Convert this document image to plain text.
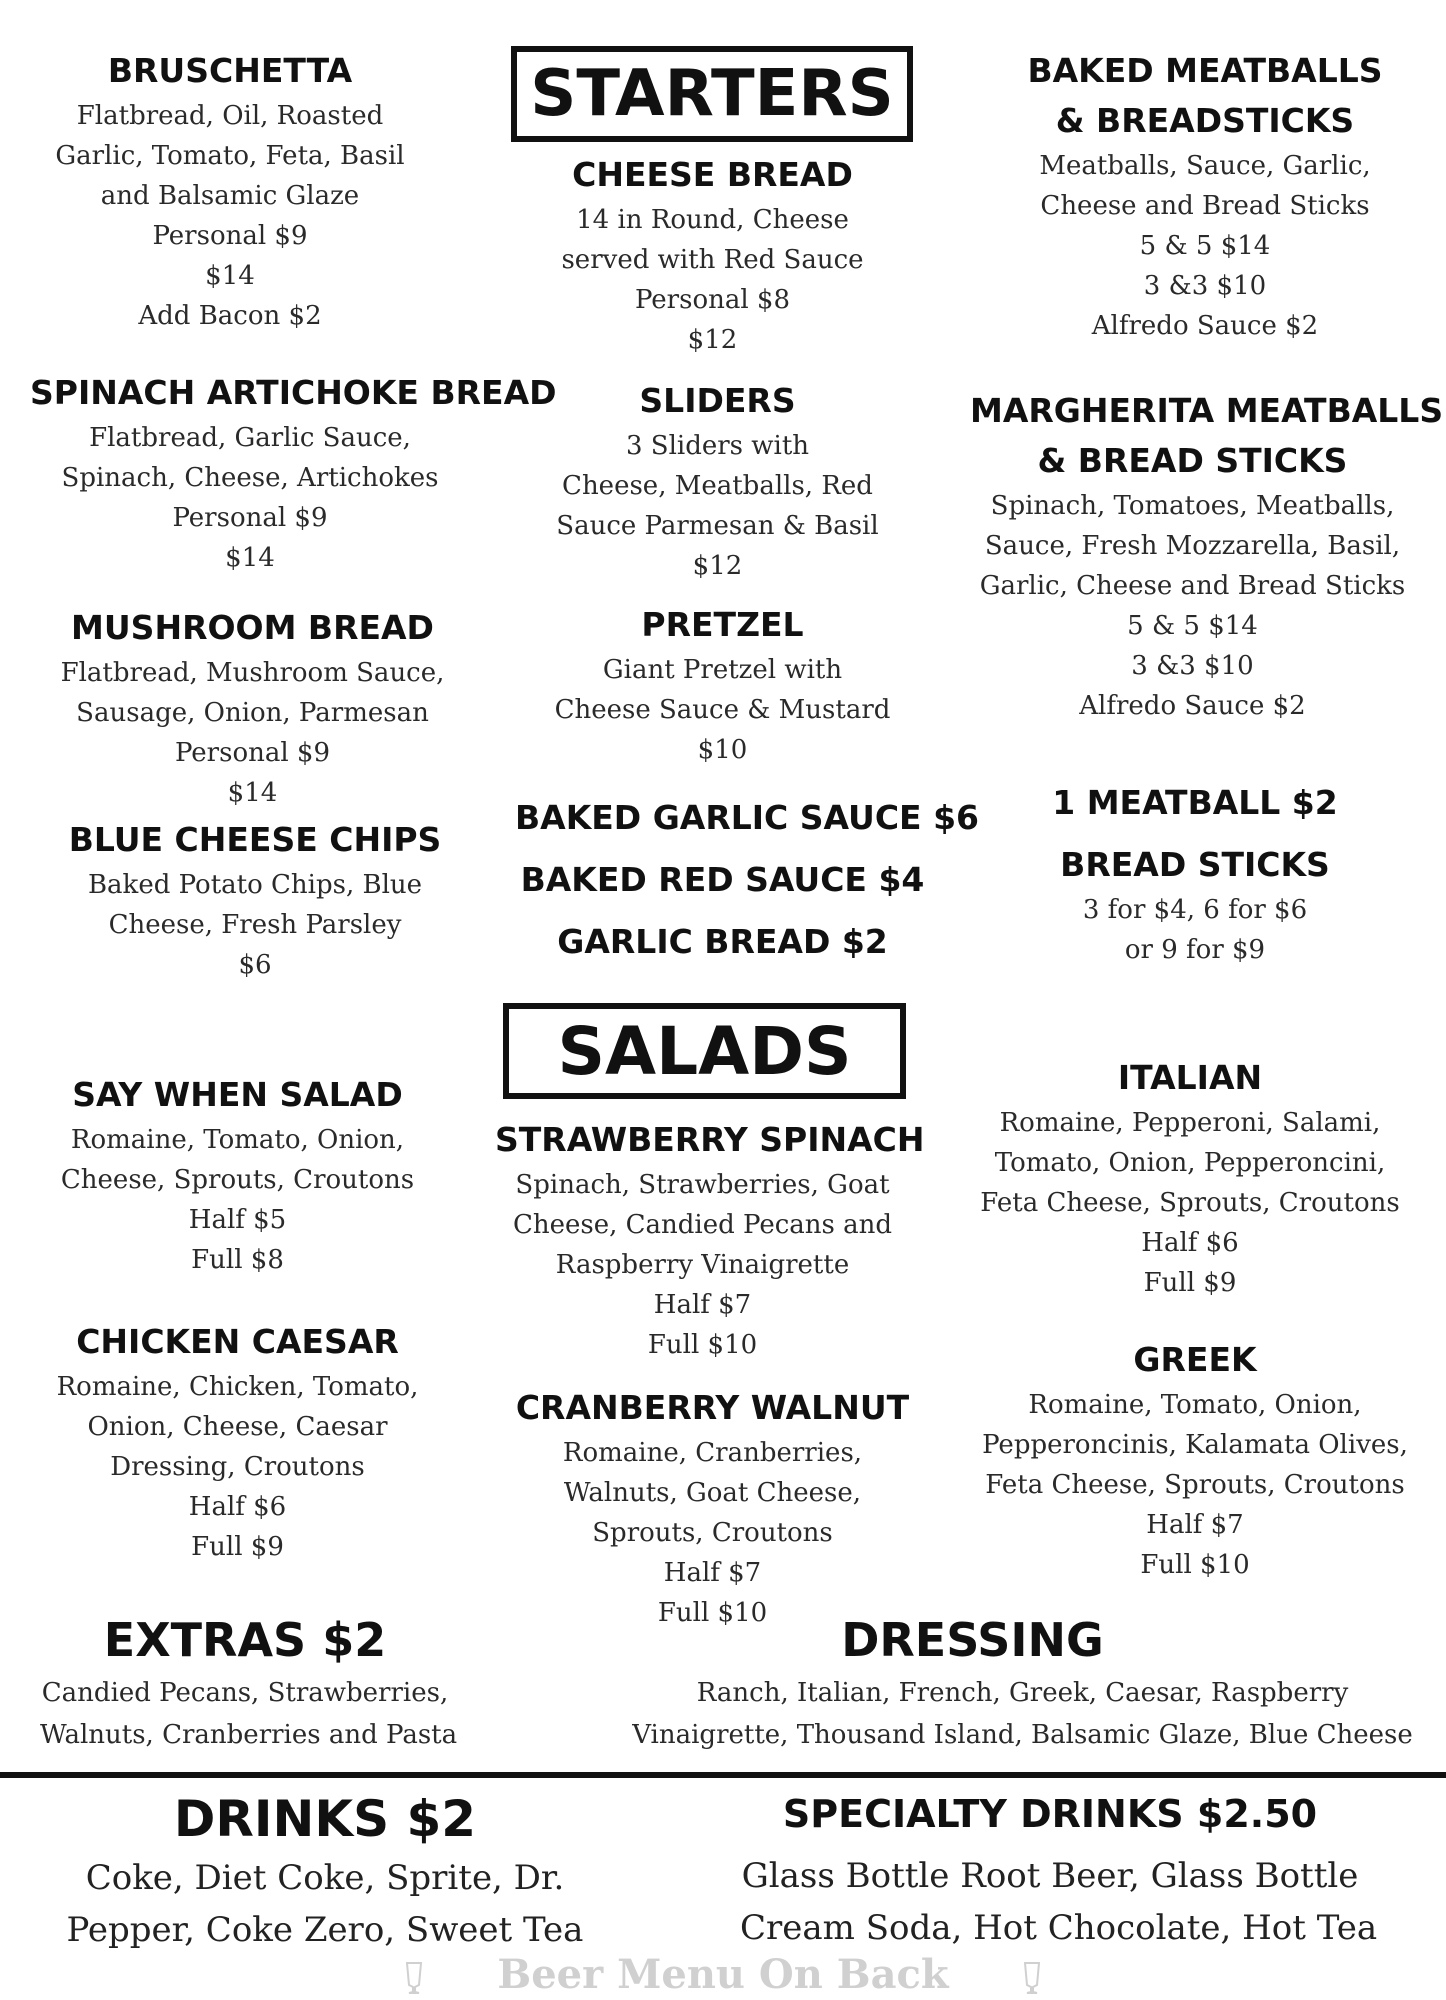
STARTERS
BRUSCHETTA
Flatbread, Oil, Roasted
Garlic, Tomato, Feta, Basil
and Balsamic Glaze
Personal $9
$14
Add Bacon $2
SPINACH ARTICHOKE BREAD
Flatbread, Garlic Sauce,
Spinach, Cheese, Artichokes
Personal $9
$14
MUSHROOM BREAD
Flatbread, Mushroom Sauce,
Sausage, Onion, Parmesan
Personal $9
$14
BLUE CHEESE CHIPS
Baked Potato Chips, Blue
Cheese, Fresh Parsley
$6
CHEESE BREAD
14 in Round, Cheese
served with Red Sauce
Personal $8
$12
SLIDERS
3 Sliders with
Cheese, Meatballs, Red
Sauce Parmesan & Basil
$12
PRETZEL
Giant Pretzel with
Cheese Sauce & Mustard
$10
BAKED GARLIC SAUCE $6
BAKED RED SAUCE $4
GARLIC BREAD $2
BAKED MEATBALLS
& BREADSTICKS
Meatballs, Sauce, Garlic,
Cheese and Bread Sticks
5 & 5 $14
3 &3 $10
Alfredo Sauce $2
MARGHERITA MEATBALLS
& BREAD STICKS
Spinach, Tomatoes, Meatballs,
Sauce, Fresh Mozzarella, Basil,
Garlic, Cheese and Bread Sticks
5 & 5 $14
3 &3 $10
Alfredo Sauce $2
1 MEATBALL $2
BREAD STICKS
3 for $4, 6 for $6
or 9 for $9
SALADS
SAY WHEN SALAD
Romaine, Tomato, Onion,
Cheese, Sprouts, Croutons
Half $5
Full $8
CHICKEN CAESAR
Romaine, Chicken, Tomato,
Onion, Cheese, Caesar
Dressing, Croutons
Half $6
Full $9
STRAWBERRY SPINACH
Spinach, Strawberries, Goat
Cheese, Candied Pecans and
Raspberry Vinaigrette
Half $7
Full $10
CRANBERRY WALNUT
Romaine, Cranberries,
Walnuts, Goat Cheese,
Sprouts, Croutons
Half $7
Full $10
ITALIAN
Romaine, Pepperoni, Salami,
Tomato, Onion, Pepperoncini,
Feta Cheese, Sprouts, Croutons
Half $6
Full $9
GREEK
Romaine, Tomato, Onion,
Pepperoncinis, Kalamata Olives,
Feta Cheese, Sprouts, Croutons
Half $7
Full $10
EXTRAS $2
Candied Pecans, Strawberries,
Walnuts, Cranberries and Pasta
DRESSING
Ranch, Italian, French, Greek, Caesar, Raspberry
Vinaigrette, Thousand Island, Balsamic Glaze, Blue Cheese
DRINKS $2
Coke, Diet Coke, Sprite, Dr.
Pepper, Coke Zero, Sweet Tea
SPECIALTY DRINKS $2.50
Glass Bottle Root Beer, Glass Bottle
Cream Soda, Hot Chocolate, Hot Tea
Beer Menu On Back
